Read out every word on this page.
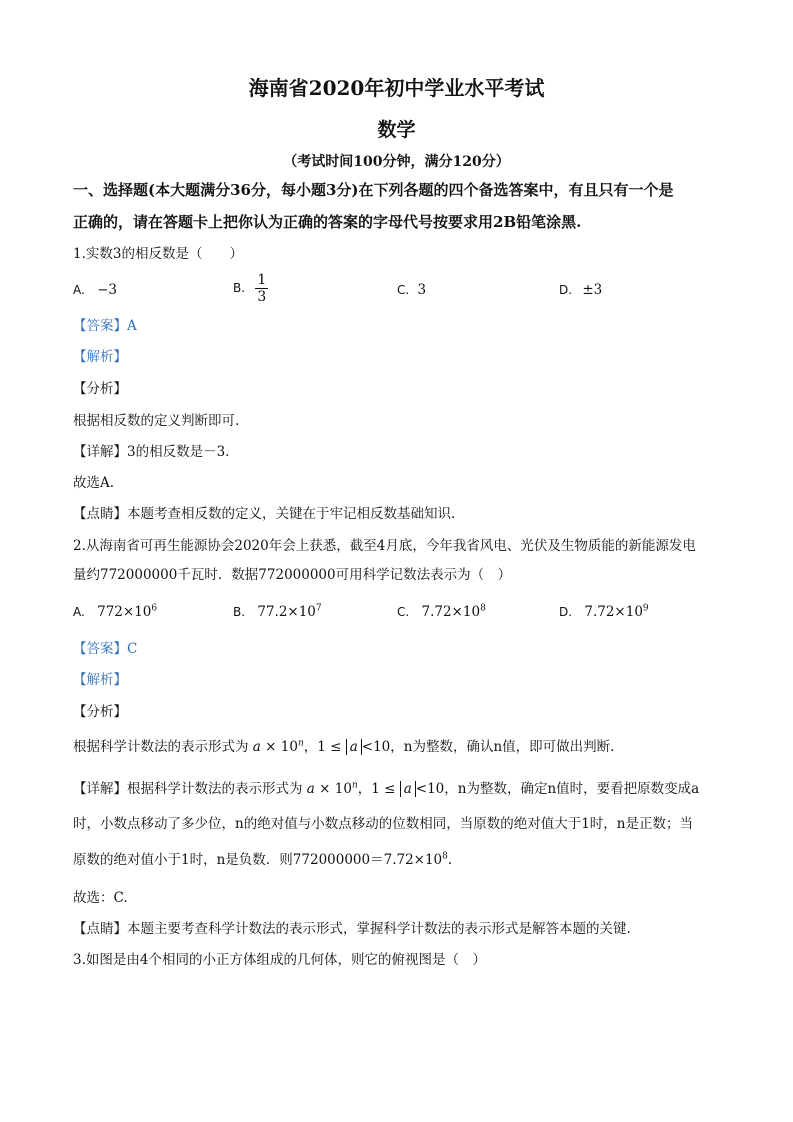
海南省2020年初中学业水平考试
数学
（考试时间100分钟，满分120分）
一、选择题(本大题满分36分，每小题3分)在下列各题的四个备选答案中，有且只有一个是
正确的，请在答题卡上把你认为正确的答案的字母代号按要求用2B铅笔涂黑.
1.实数3的相反数是（　　）
A. −3	B. $\frac{1}{3}$	C. 3	D. ±3
【答案】A
【解析】
【分析】
根据相反数的定义判断即可.
【详解】3的相反数是－3.
故选A.
【点睛】本题考查相反数的定义，关键在于牢记相反数基础知识.
2.从海南省可再生能源协会2020年会上获悉，截至4月底，今年我省风电、光伏及生物质能的新能源发电
量约772000000千瓦时．数据772000000可用科学记数法表示为（　）
A. $772\times 10^6$	B. $77.2\times 10^7$	C. $7.72\times 10^8$	D. $7.72\times 10^9$
【答案】C
【解析】
【分析】
根据科学计数法的表示形式为 $a \times 10^n$，1 ≤ a <10，n为整数，确认n值，即可做出判断.
【详解】根据科学计数法的表示形式为 $a \times 10^n$，1 ≤ a <10，n为整数，确定n值时，要看把原数变成a
时，小数点移动了多少位，n的绝对值与小数点移动的位数相同，当原数的绝对值大于1时，n是正数；当
原数的绝对值小于1时，n是负数．则$772000000=7.72\times 10^8$.
故选：C.
【点睛】本题主要考查科学计数法的表示形式，掌握科学计数法的表示形式是解答本题的关键.
3.如图是由4个相同的小正方体组成的几何体，则它的俯视图是（　）
